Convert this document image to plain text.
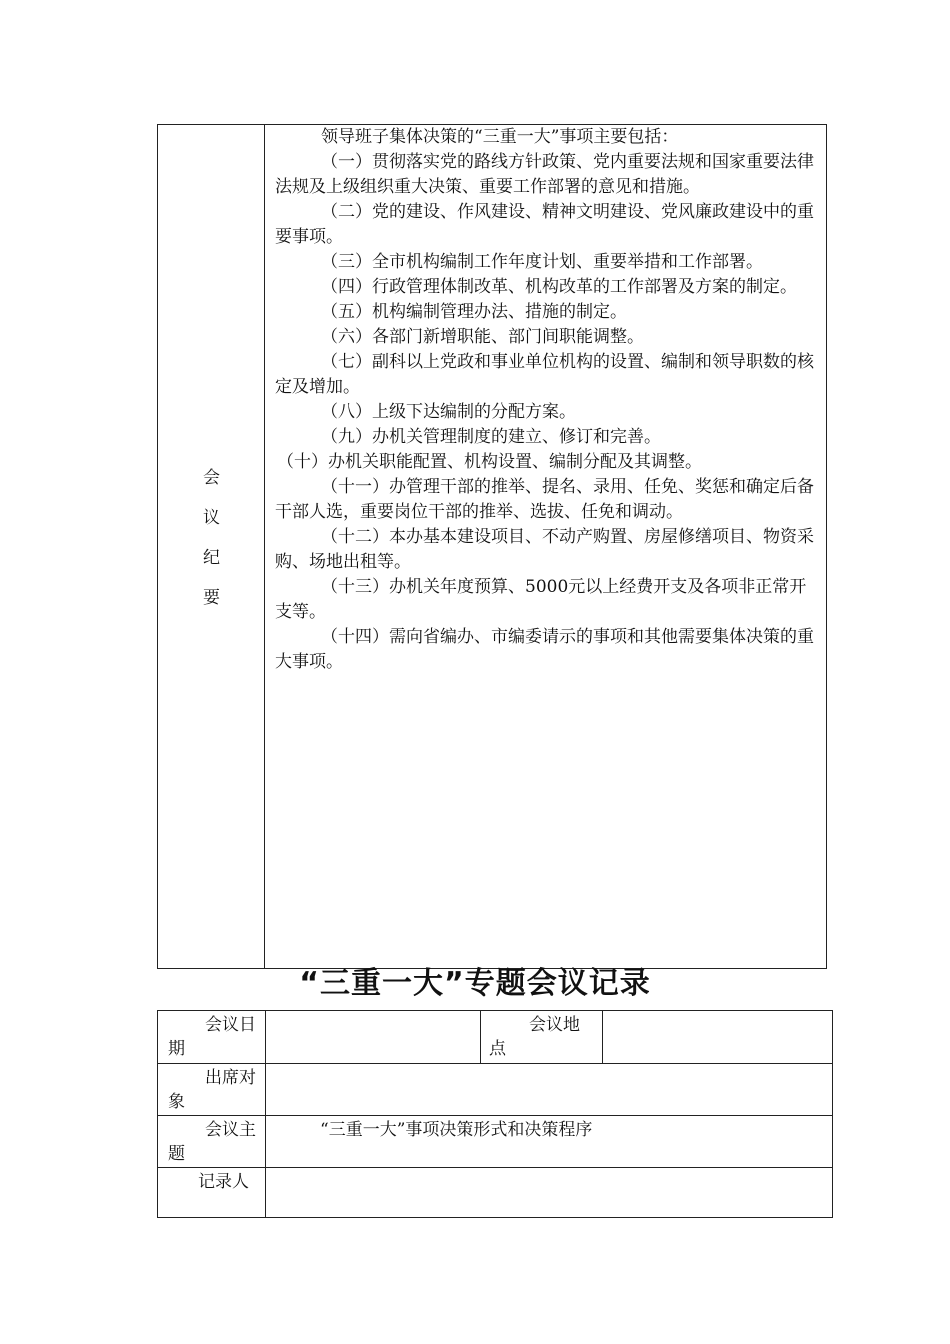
会
议
纪
要

领导班子集体决策的“三重一大”事项主要包括：

（一）贯彻落实党的路线方针政策、党内重要法规和国家重要法律法规及上级组织重大决策、重要工作部署的意见和措施。

（二）党的建设、作风建设、精神文明建设、党风廉政建设中的重要事项。

（三）全市机构编制工作年度计划、重要举措和工作部署。

（四）行政管理体制改革、机构改革的工作部署及方案的制定。

（五）机构编制管理办法、措施的制定。

（六）各部门新增职能、部门间职能调整。

（七）副科以上党政和事业单位机构的设置、编制和领导职数的核定及增加。

（八）上级下达编制的分配方案。

（九）办机关管理制度的建立、修订和完善。

（十）办机关职能配置、机构设置、编制分配及其调整。

（十一）办管理干部的推举、提名、录用、任免、奖惩和确定后备干部人选，重要岗位干部的推举、选拔、任免和调动。

（十二）本办基本建设项目、不动产购置、房屋修缮项目、物资采购、场地出租等。

（十三）办机关年度预算、5000元以上经费开支及各项非正常开支等。

（十四）需向省编办、市编委请示的事项和其他需要集体决策的重大事项。

“三重一大”专题会议记录
会议日期
会议地点
出席对象
会议主题
“三重一大”事项决策形式和决策程序
记录人
